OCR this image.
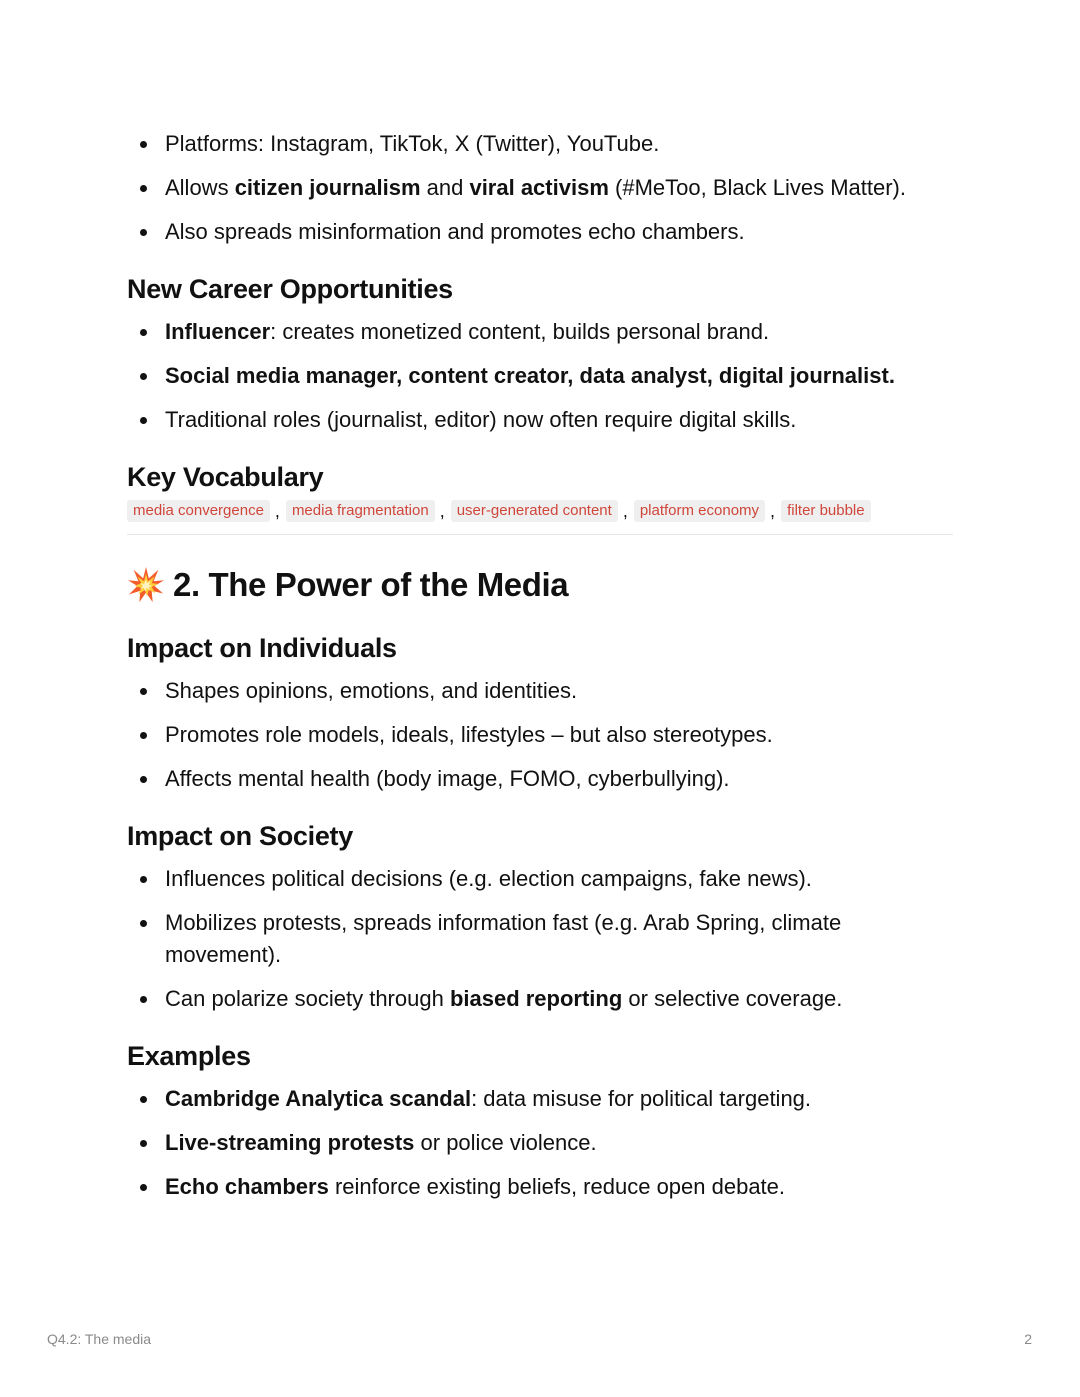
Platforms: Instagram, TikTok, X (Twitter), YouTube.
Allows citizen journalism and viral activism (#MeToo, Black Lives Matter).
Also spreads misinformation and promotes echo chambers.
New Career Opportunities
Influencer: creates monetized content, builds personal brand.
Social media manager, content creator, data analyst, digital journalist.
Traditional roles (journalist, editor) now often require digital skills.
Key Vocabulary
media convergence , media fragmentation , user-generated content , platform economy , filter bubble
2. The Power of the Media
Impact on Individuals
Shapes opinions, emotions, and identities.
Promotes role models, ideals, lifestyles – but also stereotypes.
Affects mental health (body image, FOMO, cyberbullying).
Impact on Society
Influences political decisions (e.g. election campaigns, fake news).
Mobilizes protests, spreads information fast (e.g. Arab Spring, climate movement).
Can polarize society through biased reporting or selective coverage.
Examples
Cambridge Analytica scandal: data misuse for political targeting.
Live-streaming protests or police violence.
Echo chambers reinforce existing beliefs, reduce open debate.
Q4.2: The media	2
